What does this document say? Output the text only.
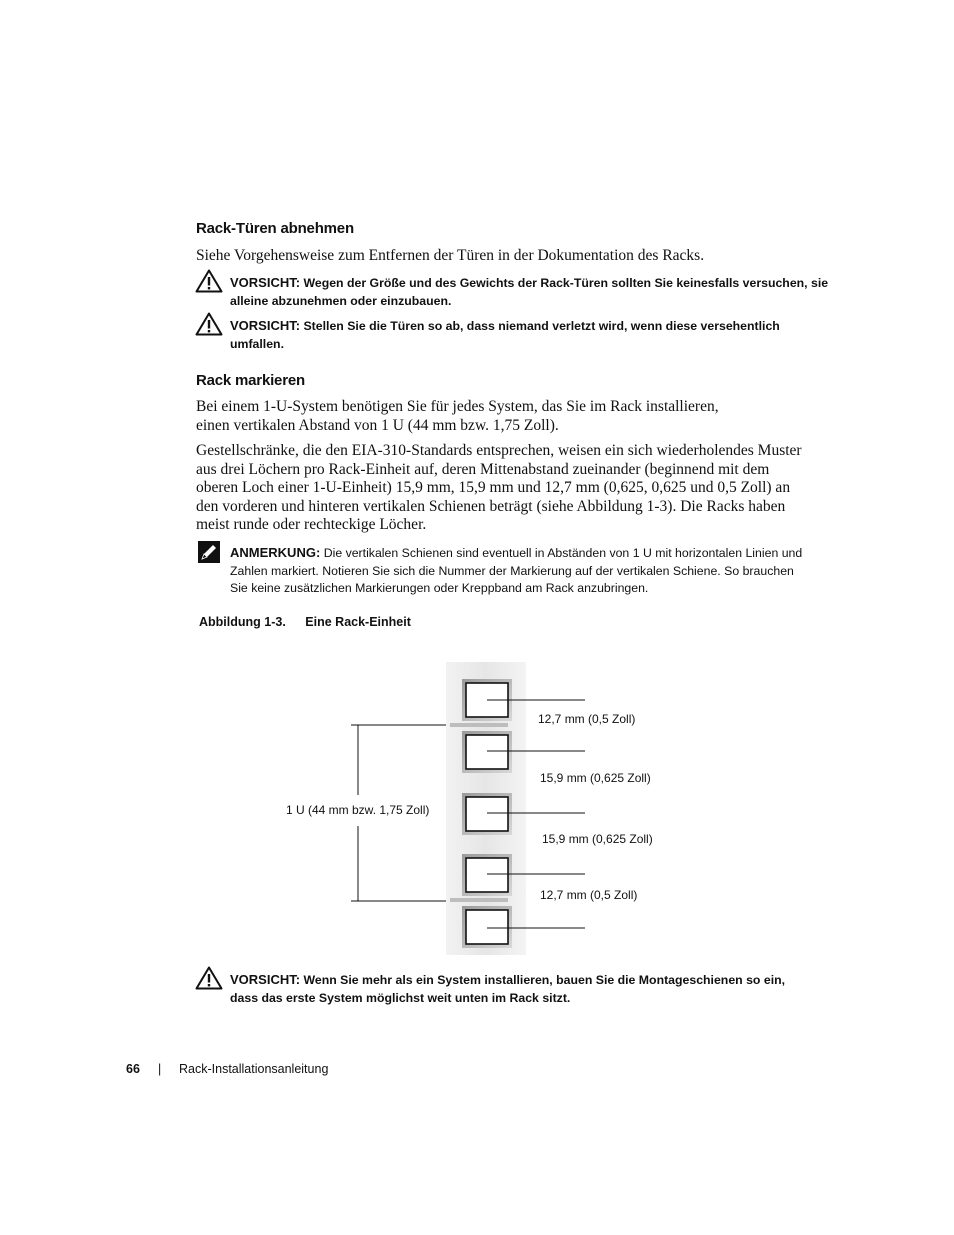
Rack-Türen abnehmen
Siehe Vorgehensweise zum Entfernen der Türen in der Dokumentation des Racks.
VORSICHT: Wegen der Größe und des Gewichts der Rack-Türen sollten Sie keinesfalls versuchen, sie alleine abzunehmen oder einzubauen.
VORSICHT: Stellen Sie die Türen so ab, dass niemand verletzt wird, wenn diese versehentlich umfallen.
Rack markieren
Bei einem 1-U-System benötigen Sie für jedes System, das Sie im Rack installieren, einen vertikalen Abstand von 1 U (44 mm bzw. 1,75 Zoll).
Gestellschränke, die den EIA-310-Standards entsprechen, weisen ein sich wiederholendes Muster aus drei Löchern pro Rack-Einheit auf, deren Mittenabstand zueinander (beginnend mit dem oberen Loch einer 1-U-Einheit) 15,9 mm, 15,9 mm und 12,7 mm (0,625, 0,625 und 0,5 Zoll) an den vorderen und hinteren vertikalen Schienen beträgt (siehe Abbildung 1-3). Die Racks haben meist runde oder rechteckige Löcher.
ANMERKUNG: Die vertikalen Schienen sind eventuell in Abständen von 1 U mit horizontalen Linien und Zahlen markiert. Notieren Sie sich die Nummer der Markierung auf der vertikalen Schiene. So brauchen Sie keine zusätzlichen Markierungen oder Kreppband am Rack anzubringen.
Abbildung 1-3. Eine Rack-Einheit
1 U (44 mm bzw. 1,75 Zoll)
12,7 mm (0,5 Zoll)
15,9 mm (0,625 Zoll)
15,9 mm (0,625 Zoll)
12,7 mm (0,5 Zoll)
VORSICHT: Wenn Sie mehr als ein System installieren, bauen Sie die Montageschienen so ein, dass das erste System möglichst weit unten im Rack sitzt.
66 | Rack-Installationsanleitung
